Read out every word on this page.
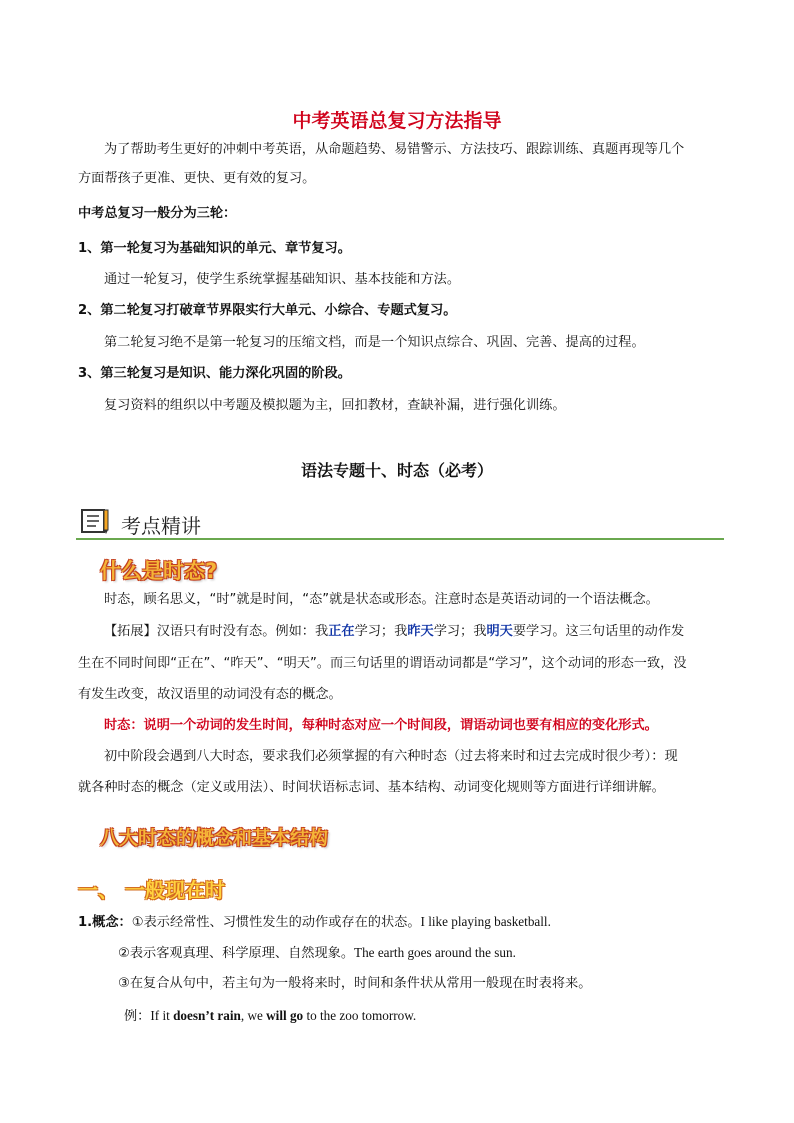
中考英语总复习方法指导
为了帮助考生更好的冲刺中考英语，从命题趋势、易错警示、方法技巧、跟踪训练、真题再现等几个
方面帮孩子更准、更快、更有效的复习。
中考总复习一般分为三轮：
1、第一轮复习为基础知识的单元、章节复习。
通过一轮复习，使学生系统掌握基础知识、基本技能和方法。
2、第二轮复习打破章节界限实行大单元、小综合、专题式复习。
第二轮复习绝不是第一轮复习的压缩文档，而是一个知识点综合、巩固、完善、提高的过程。
3、第三轮复习是知识、能力深化巩固的阶段。
复习资料的组织以中考题及模拟题为主，回扣教材，查缺补漏，进行强化训练。
语法专题十、时态（必考）
考点精讲
什么是时态?
时态，顾名思义，“时”就是时间，“态”就是状态或形态。注意时态是英语动词的一个语法概念。
【拓展】汉语只有时没有态。例如：我正在学习；我昨天学习；我明天要学习。这三句话里的动作发
生在不同时间即“正在”、“昨天”、“明天”。而三句话里的谓语动词都是“学习”，这个动词的形态一致，没
有发生改变，故汉语里的动词没有态的概念。
时态：说明一个动词的发生时间，每种时态对应一个时间段，谓语动词也要有相应的变化形式。
初中阶段会遇到八大时态，要求我们必须掌握的有六种时态（过去将来时和过去完成时很少考）：现
就各种时态的概念（定义或用法）、时间状语标志词、基本结构、动词变化规则等方面进行详细讲解。
八大时态的概念和基本结构
一、 一般现在时
1.概念：①表示经常性、习惯性发生的动作或存在的状态。I like playing basketball.
②表示客观真理、科学原理、自然现象。The earth goes around the sun.
③在复合从句中，若主句为一般将来时，时间和条件状从常用一般现在时表将来。
例：If it doesn’t rain, we will go to the zoo tomorrow.
